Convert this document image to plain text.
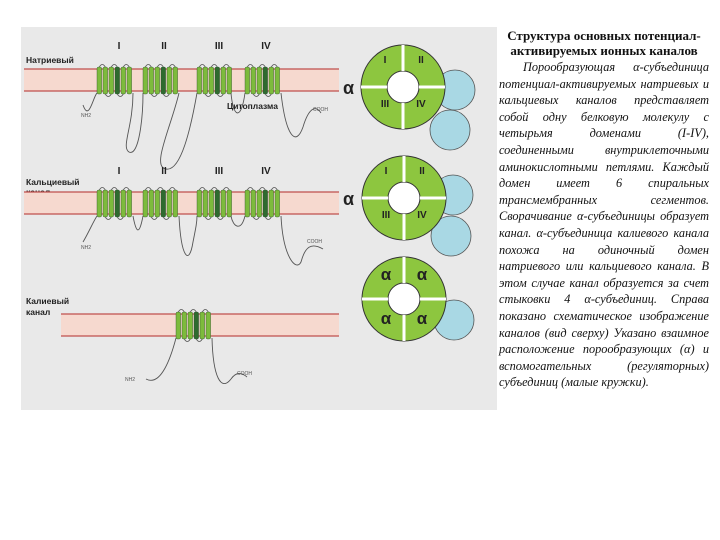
Натриевый
I	II	III	IV
NH2
COOH
Цитоплазма
Кальциевый
I	II	III	IV
NH2
COOH
Калиевый
канал
NH2
COOH
α
I	II
III	IV
α
I	II
III	IV
α α
α α

Структура основных потенциал-активируемых ионных каналов

Порообразующая α-субъединица потенциал-активируемых натриевых и кальциевых каналов представляет собой одну белковую молекулу с четырьмя доменами (I-IV), соединенными внутриклеточными аминокислотными петлями. Каждый домен имеет 6 спиральных трансмембранных сегментов. Сворачивание α-субъединицы образует канал. α-субъединица калиевого канала похожа на одиночный домен натриевого или кальциевого канала. В этом случае канал образуется за счет стыковки 4 α-субъединиц. Справа показано схематическое изображение каналов (вид сверху) Указано взаимное расположение порообразующих (α) и вспомогательных (регуляторных) субъединиц (малые кружки).
